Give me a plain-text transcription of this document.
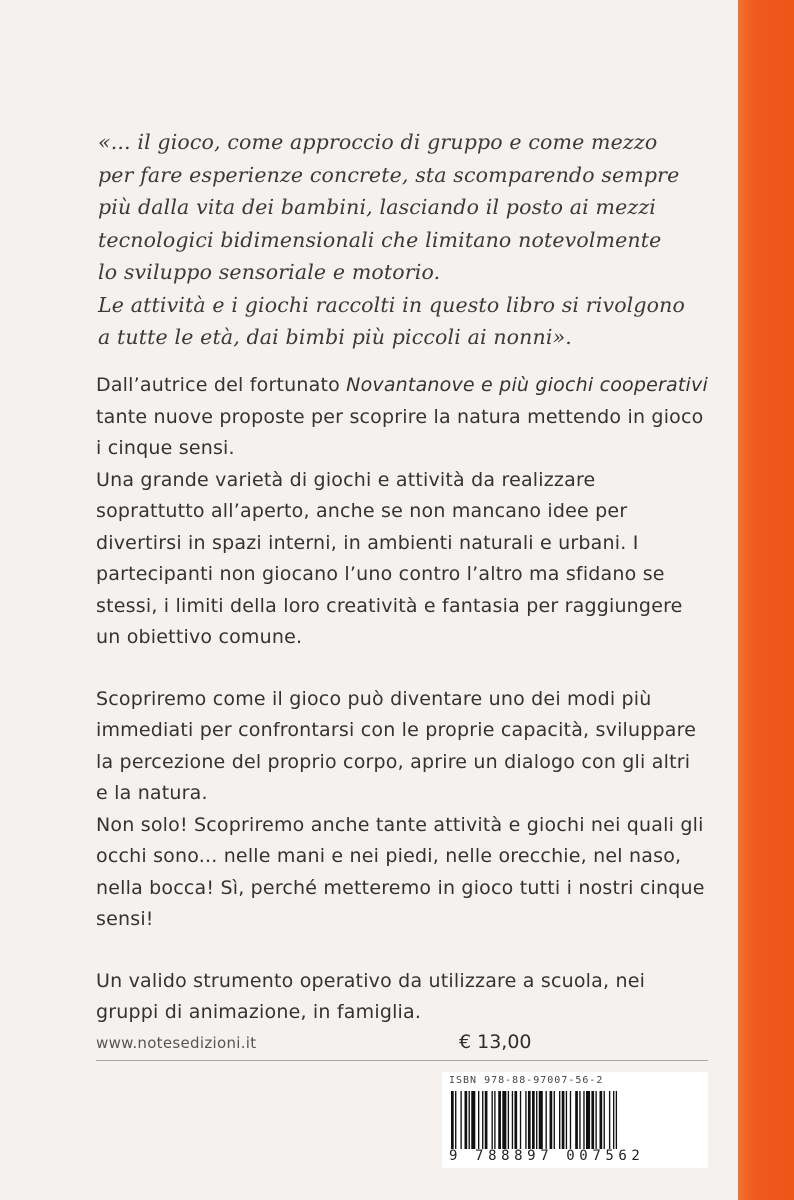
«... il gioco, come approccio di gruppo e come mezzo

per fare esperienze concrete, sta scomparendo sempre

più dalla vita dei bambini, lasciando il posto ai mezzi

tecnologici bidimensionali che limitano notevolmente

lo sviluppo sensoriale e motorio.

Le attività e i giochi raccolti in questo libro si rivolgono

a tutte le età, dai bimbi più piccoli ai nonni».

Dall’autrice del fortunato Novantanove e più giochi cooperativi tante nuove proposte per scoprire la natura mettendo in gioco i cinque sensi.

Una grande varietà di giochi e attività da realizzare soprattutto all’aperto, anche se non mancano idee per divertirsi in spazi interni, in ambienti naturali e urbani. I partecipanti non giocano l’uno contro l’altro ma sfidano se stessi, i limiti della loro creatività e fantasia per raggiungere un obiettivo comune.

Scopriremo come il gioco può diventare uno dei modi più immediati per confrontarsi con le proprie capacità, sviluppare la percezione del proprio corpo, aprire un dialogo con gli altri e la natura.

Non solo! Scopriremo anche tante attività e giochi nei quali gli occhi sono... nelle mani e nei piedi, nelle orecchie, nel naso, nella bocca! Sì, perché metteremo in gioco tutti i nostri cinque sensi!

Un valido strumento operativo da utilizzare a scuola, nei gruppi di animazione, in famiglia.

www.notesedizioni.it	€ 13,00
ISBN 978-88-97007-56-2
9 788897 007562
